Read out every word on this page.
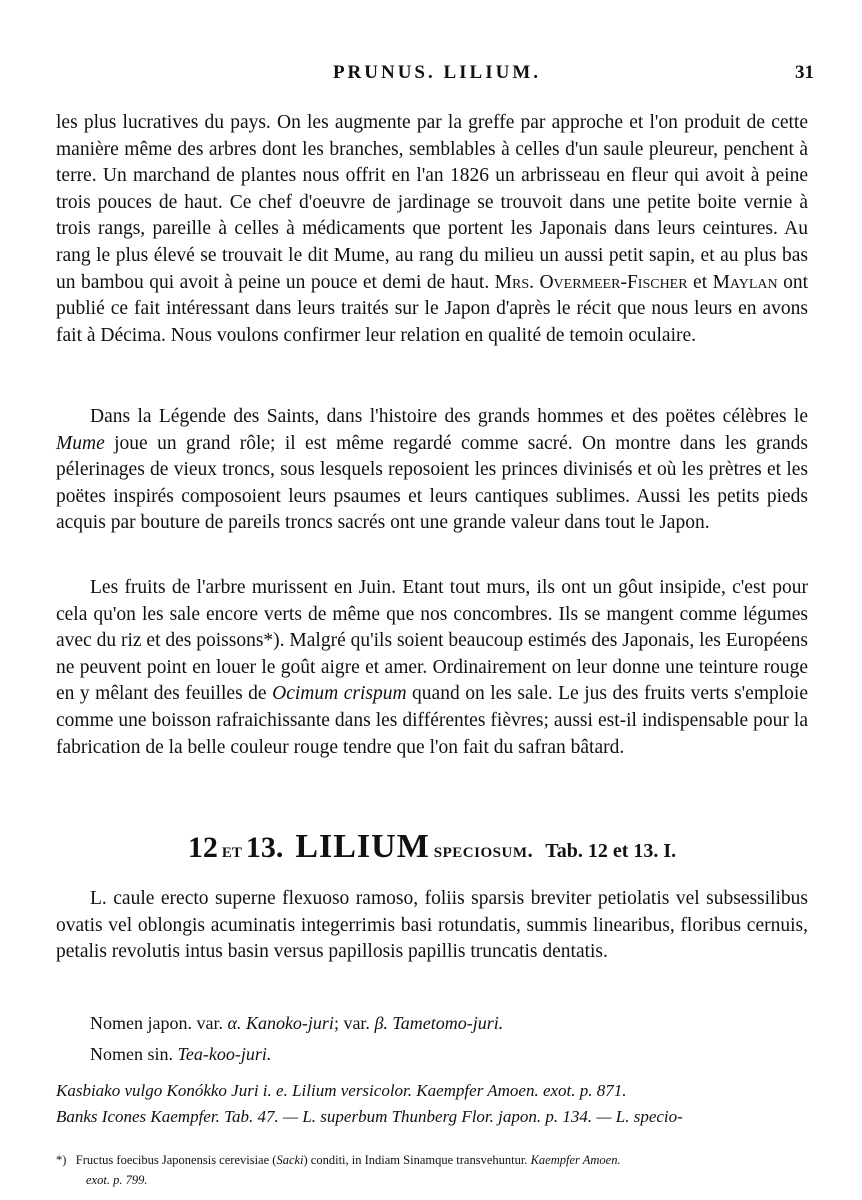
PRUNUS. LILIUM.	31

les plus lucratives du pays. On les augmente par la greffe par approche et l'on produit de cette manière même des arbres dont les branches, semblables à celles d'un saule pleureur, penchent à terre. Un marchand de plantes nous offrit en l'an 1826 un arbrisseau en fleur qui avoit à peine trois pouces de haut. Ce chef d'oeuvre de jardinage se trouvoit dans une petite boite vernie à trois rangs, pareille à celles à médicaments que portent les Japonais dans leurs ceintures. Au rang le plus élevé se trouvait le dit Mume, au rang du milieu un aussi petit sapin, et au plus bas un bambou qui avoit à peine un pouce et demi de haut. Mrs. Overmeer-Fischer et Maylan ont publié ce fait intéressant dans leurs traités sur le Japon d'après le récit que nous leurs en avons fait à Décima. Nous voulons confirmer leur relation en qualité de temoin oculaire.

Dans la Légende des Saints, dans l'histoire des grands hommes et des poëtes célèbres le Mume joue un grand rôle; il est même regardé comme sacré. On montre dans les grands pélerinages de vieux troncs, sous lesquels reposoient les princes divinisés et où les prètres et les poëtes inspirés composoient leurs psaumes et leurs cantiques sublimes. Aussi les petits pieds acquis par bouture de pareils troncs sacrés ont une grande valeur dans tout le Japon.

Les fruits de l'arbre murissent en Juin. Etant tout murs, ils ont un gôut insipide, c'est pour cela qu'on les sale encore verts de même que nos concombres. Ils se mangent comme légumes avec du riz et des poissons*). Malgré qu'ils soient beaucoup estimés des Japonais, les Européens ne peuvent point en louer le goût aigre et amer. Ordinairement on leur donne une teinture rouge en y mêlant des feuilles de Ocimum crispum quand on les sale. Le jus des fruits verts s'emploie comme une boisson rafraichissante dans les différentes fièvres; aussi est-il indispensable pour la fabrication de la belle couleur rouge tendre que l'on fait du safran bâtard.

12 et 13. LILIUM speciosum. Tab. 12 et 13. I.

L. caule erecto superne flexuoso ramoso, foliis sparsis breviter petiolatis vel subsessilibus ovatis vel oblongis acuminatis integerrimis basi rotundatis, summis linearibus, floribus cernuis, petalis revolutis intus basin versus papillosis papillis truncatis dentatis.

Nomen japon. var. α. Kanoko-juri; var. β. Tametomo-juri.

Nomen sin. Tea-koo-juri.

Kasbiako vulgo Konókko Juri i. e. Lilium versicolor. Kaempfer Amoen. exot. p. 871.
Banks Icones Kaempfer. Tab. 47. — L. superbum Thunberg Flor. japon. p. 134. — L. specio-
*) Fructus foecibus Japonensis cerevisiae (Sacki) conditi, in Indiam Sinamque transvehuntur. Kaempfer Amoen.
exot. p. 799.
